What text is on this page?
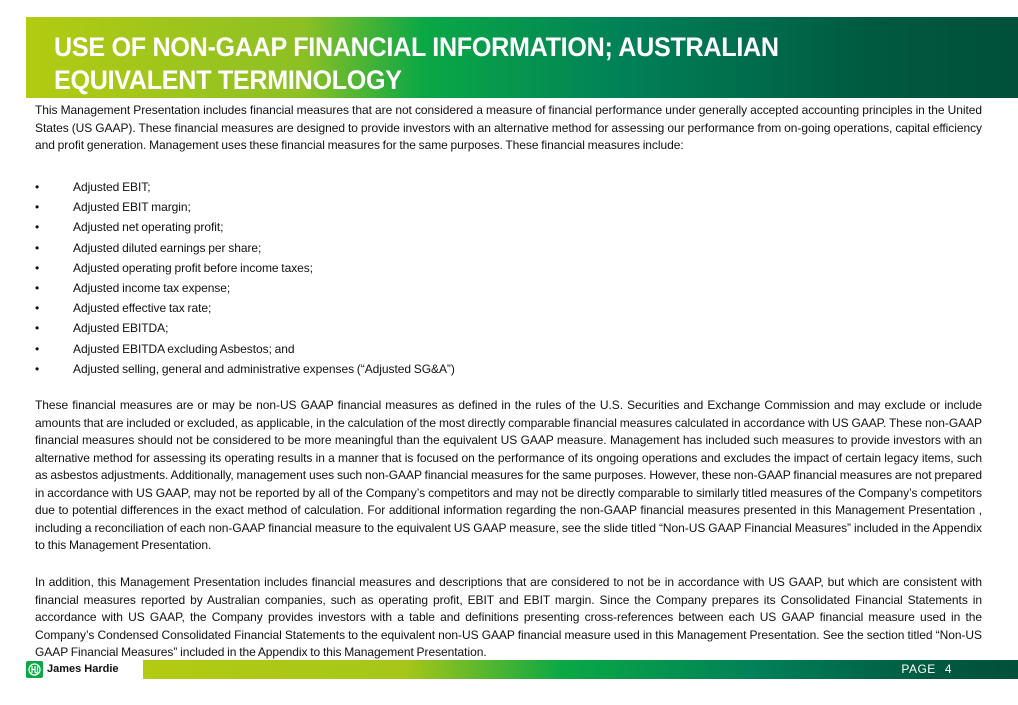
USE OF NON-GAAP FINANCIAL INFORMATION; AUSTRALIAN
EQUIVALENT TERMINOLOGY

This Management Presentation includes financial measures that are not considered a measure of financial performance under generally accepted accounting principles in the United States (US GAAP). These financial measures are designed to provide investors with an alternative method for assessing our performance from on-going operations, capital efficiency and profit generation. Management uses these financial measures for the same purposes. These financial measures include:

•	Adjusted EBIT;
•	Adjusted EBIT margin;
•	Adjusted net operating profit;
•	Adjusted diluted earnings per share;
•	Adjusted operating profit before income taxes;
•	Adjusted income tax expense;
•	Adjusted effective tax rate;
•	Adjusted EBITDA;
•	Adjusted EBITDA excluding Asbestos; and
•	Adjusted selling, general and administrative expenses (“Adjusted SG&A”)

These financial measures are or may be non-US GAAP financial measures as defined in the rules of the U.S. Securities and Exchange Commission and may exclude or include amounts that are included or excluded, as applicable, in the calculation of the most directly comparable financial measures calculated in accordance with US GAAP. These non-GAAP financial measures should not be considered to be more meaningful than the equivalent US GAAP measure. Management has included such measures to provide investors with an alternative method for assessing its operating results in a manner that is focused on the performance of its ongoing operations and excludes the impact of certain legacy items, such as asbestos adjustments. Additionally, management uses such non-GAAP financial measures for the same purposes. However, these non-GAAP financial measures are not prepared in accordance with US GAAP, may not be reported by all of the Company’s competitors and may not be directly comparable to similarly titled measures of the Company’s competitors due to potential differences in the exact method of calculation. For additional information regarding the non-GAAP financial measures presented in this Management Presentation , including a reconciliation of each non-GAAP financial measure to the equivalent US GAAP measure, see the slide titled “Non-US GAAP Financial Measures” included in the Appendix to this Management Presentation.

In addition, this Management Presentation includes financial measures and descriptions that are considered to not be in accordance with US GAAP, but which are consistent with financial measures reported by Australian companies, such as operating profit, EBIT and EBIT margin. Since the Company prepares its Consolidated Financial Statements in accordance with US GAAP, the Company provides investors with a table and definitions presenting cross-references between each US GAAP financial measure used in the Company’s Condensed Consolidated Financial Statements to the equivalent non-US GAAP financial measure used in this Management Presentation. See the section titled “Non-US GAAP Financial Measures” included in the Appendix to this Management Presentation.

James Hardie	PAGE 4
